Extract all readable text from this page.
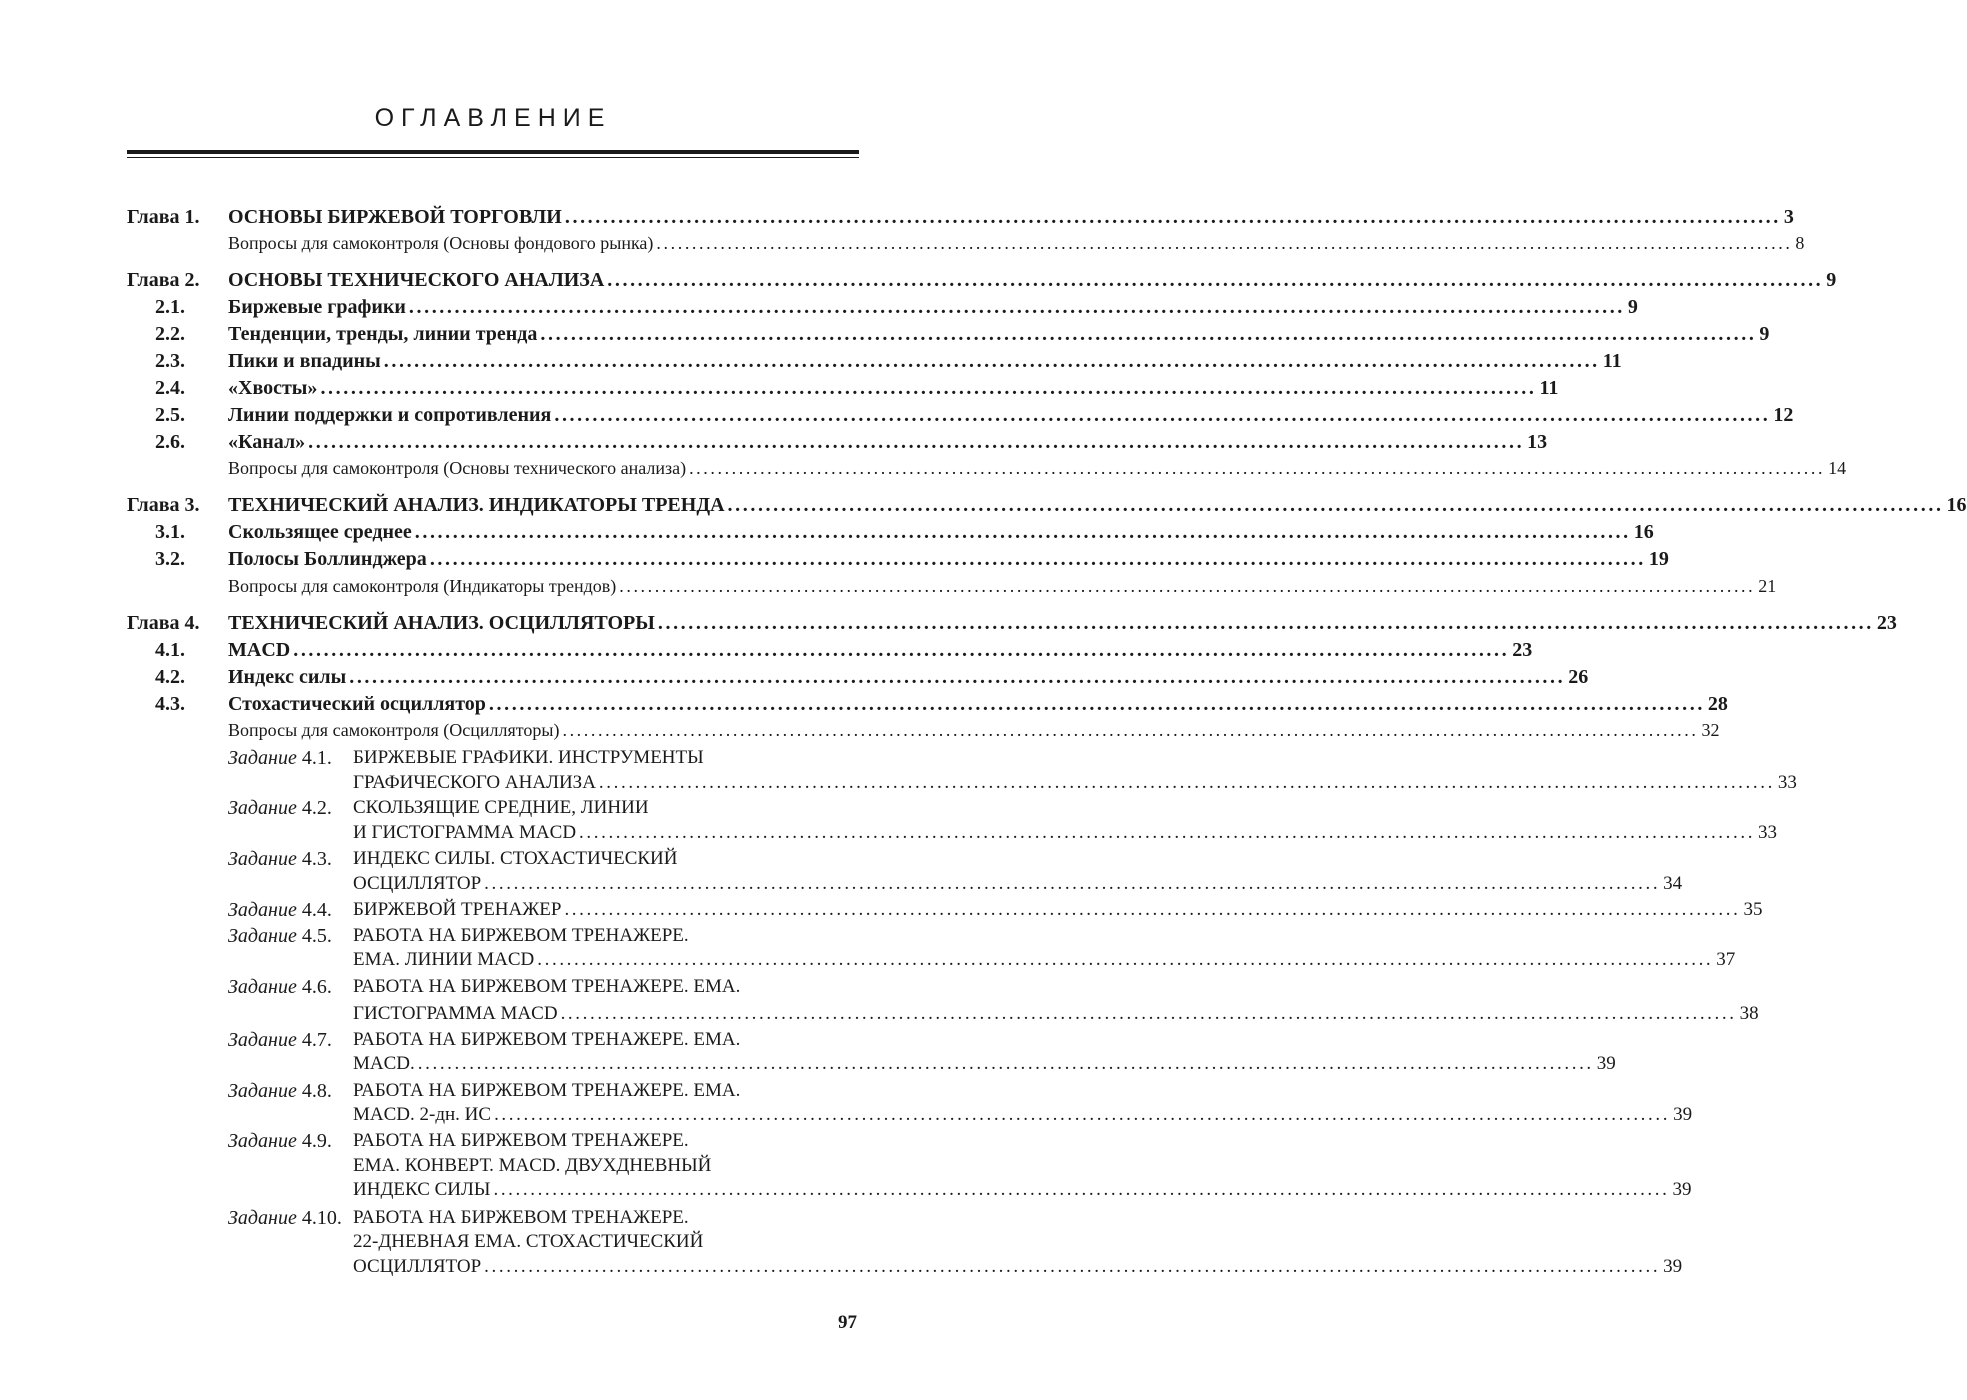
ОГЛАВЛЕНИЕ
Глава 1. ОСНОВЫ БИРЖЕВОЙ ТОРГОВЛИ ................................................................................................................................................................ 3
Вопросы для самоконтроля (Основы фондового рынка) ................................................................................................................................................................ 8
Глава 2. ОСНОВЫ ТЕХНИЧЕСКОГО АНАЛИЗА ................................................................................................................................................................ 9
2.1. Биржевые графики ................................................................................................................................................................ 9
2.2. Тенденции, тренды, линии тренда ................................................................................................................................................................ 9
2.3. Пики и впадины ................................................................................................................................................................ 11
2.4. «Хвосты» ................................................................................................................................................................ 11
2.5. Линии поддержки и сопротивления ................................................................................................................................................................ 12
2.6. «Канал» ................................................................................................................................................................ 13
Вопросы для самоконтроля (Основы технического анализа) ................................................................................................................................................................ 14
Глава 3. ТЕХНИЧЕСКИЙ АНАЛИЗ. ИНДИКАТОРЫ ТРЕНДА ................................................................................................................................................................ 16
3.1. Скользящее среднее ................................................................................................................................................................ 16
3.2. Полосы Боллинджера ................................................................................................................................................................ 19
Вопросы для самоконтроля (Индикаторы трендов) ................................................................................................................................................................ 21
Глава 4. ТЕХНИЧЕСКИЙ АНАЛИЗ. ОСЦИЛЛЯТОРЫ ................................................................................................................................................................ 23
4.1. MACD ................................................................................................................................................................ 23
4.2. Индекс силы ................................................................................................................................................................ 26
4.3. Стохастический осциллятор ................................................................................................................................................................ 28
Вопросы для самоконтроля (Осцилляторы) ................................................................................................................................................................ 32
Задание 4.1. БИРЖЕВЫЕ ГРАФИКИ. ИНСТРУМЕНТЫ
ГРАФИЧЕСКОГО АНАЛИЗА ................................................................................................................................................................ 33
Задание 4.2. СКОЛЬЗЯЩИЕ СРЕДНИЕ, ЛИНИИ
И ГИСТОГРАММА MACD ................................................................................................................................................................ 33
Задание 4.3. ИНДЕКС СИЛЫ. СТОХАСТИЧЕСКИЙ
ОСЦИЛЛЯТОР ................................................................................................................................................................ 34
Задание 4.4. БИРЖЕВОЙ ТРЕНАЖЕР ................................................................................................................................................................ 35
Задание 4.5. РАБОТА НА БИРЖЕВОМ ТРЕНАЖЕРЕ.
EMA. ЛИНИИ MACD ................................................................................................................................................................ 37
Задание 4.6. РАБОТА НА БИРЖЕВОМ ТРЕНАЖЕРЕ. EMA.
ГИСТОГРАММА MACD ................................................................................................................................................................ 38
Задание 4.7. РАБОТА НА БИРЖЕВОМ ТРЕНАЖЕРЕ. EMA.
MACD. ................................................................................................................................................................ 39
Задание 4.8. РАБОТА НА БИРЖЕВОМ ТРЕНАЖЕРЕ. EMA.
MACD. 2-дн. ИС ................................................................................................................................................................ 39
Задание 4.9. РАБОТА НА БИРЖЕВОМ ТРЕНАЖЕРЕ.
EMA. КОНВЕРТ. MACD. ДВУХДНЕВНЫЙ
ИНДЕКС СИЛЫ ................................................................................................................................................................ 39
Задание 4.10. РАБОТА НА БИРЖЕВОМ ТРЕНАЖЕРЕ.
22-ДНЕВНАЯ EMA. СТОХАСТИЧЕСКИЙ
ОСЦИЛЛЯТОР ................................................................................................................................................................ 39
97
